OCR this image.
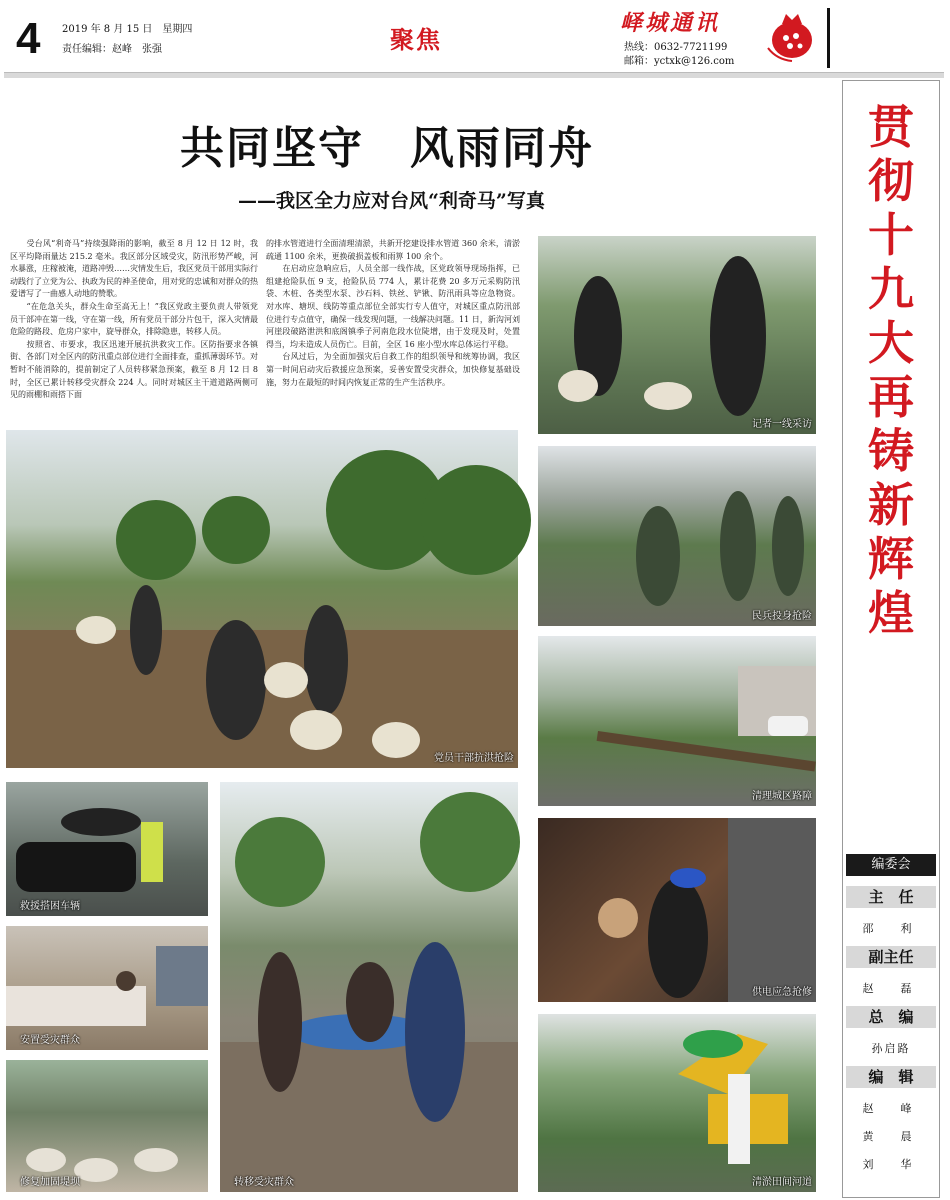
4 2019 年 8 月 15 日　星期四
责任编辑：赵峰　张强	聚焦
峄城通讯
热线：0632-7721199
邮箱：yctxk@126.com
共同坚守　风雨同舟
——我区全力应对台风“利奇马”写真
　　受台风“利奇马”持续强降雨的影响，截至 8 月 12 日 12 时，我区平均降雨量达 215.2 毫米。我区部分区域受灾，防汛形势严峻，河水暴涨，庄稼被淹，道路冲毁……灾情发生后，我区党员干部用实际行动践行了立党为公、执政为民的神圣使命，用对党的忠诚和对群众的热爱谱写了一曲感人动地的赞歌。
　　“在危急关头，群众生命至高无上！”我区党政主要负责人带领党员干部冲在第一线，守在第一线，所有党员干部分片包干，深入灾情最危险的路段、危房户家中，旋导群众，排除隐患，转移人员。
　　按照省、市要求，我区迅速开展抗洪救灾工作。区防指要求各镇街、各部门对全区内的防汛重点部位进行全面排查，重抓薄弱环节。对暂时不能消除的，提前制定了人员转移紧急预案，截至 8 月 12 日 8 时，全区已累计转移受灾群众 224 人。同时对城区主干道道路两侧可见的雨棚和雨搭下面
的排水管道进行全面清理清淤，共新开挖建设排水管道 360 余米，清淤疏通 1100 余米，更换破损盖板和雨箅 100 余个。
　　在启动应急响应后，人员全部一线作战，区党政领导现场指挥，已组建抢险队伍 9 支，抢险队员 774 人，累计花费 20 多万元采购防汛袋、木桩、各类型水泵、沙石料、铁丝、铲锹、防汛雨具等应急物资。对水库、塘坝、线防等重点部位全部实行专人值守，对城区重点防汛部位进行专点值守，确保一线发现问题，一线解决问题。11 日，新沟河刘河崖段破路泄洪和底阁镇季子河南危段水位陡增，由于发现及时，处置得当，均未造成人员伤亡。目前，全区 16 座小型水库总体运行平稳。
　　台风过后，为全面加强灾后自救工作的组织领导和统筹协调，我区第一时间启动灾后救援应急预案，妥善安置受灾群众，加快修复基础设施，努力在最短的时间内恢复正常的生产生活秩序。
党员干部抗洪抢险
救援搭困车辆
安置受灾群众
修复加固堤坝	转移受灾群众
记者一线采访
民兵投身抢险
清理城区路障
供电应急抢修
清淤田间河道
贯彻十九大再铸新辉煌
编委会
主　任
邵　利
副主任
赵　磊
总　编
孙启路
编　辑
赵　峰
黄　晨
刘　华
